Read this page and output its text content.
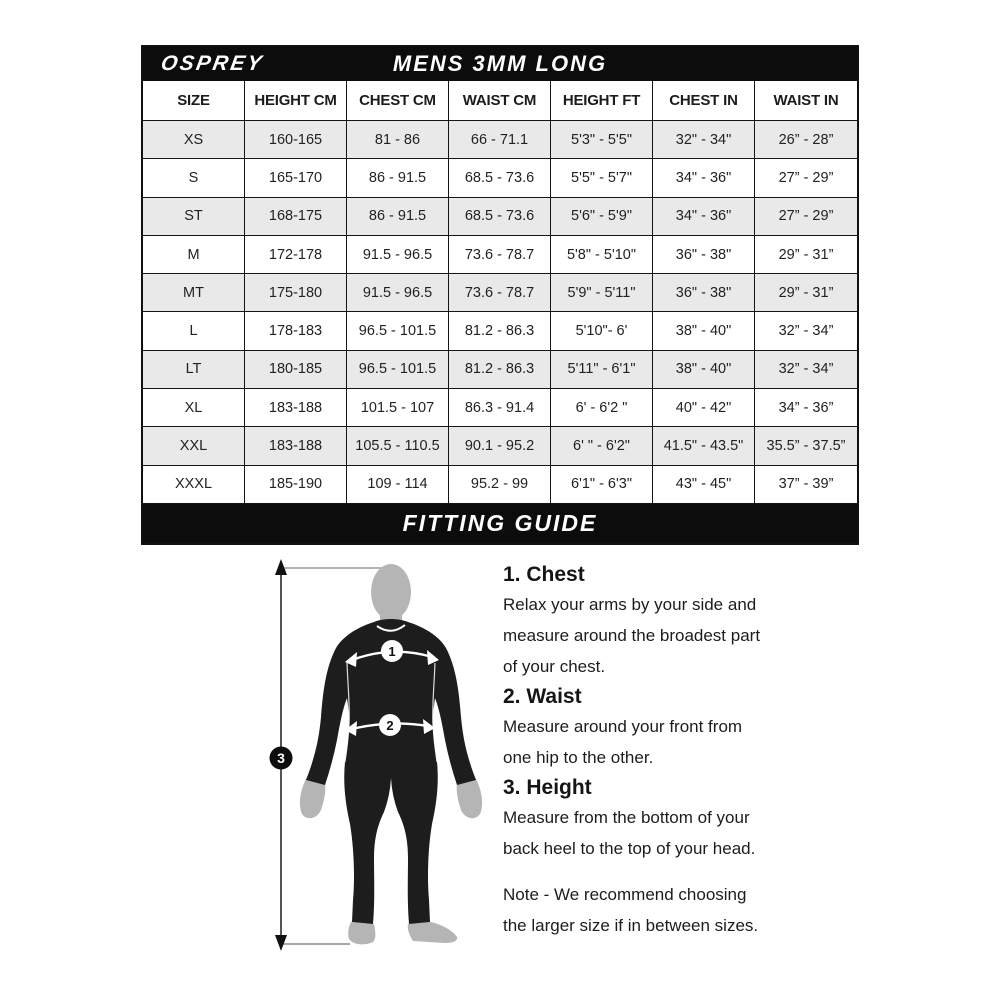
OSPREY	MENS 3MM LONG
SIZE	HEIGHT CM	CHEST CM	WAIST CM	HEIGHT FT	CHEST IN	WAIST IN
XS	160-165	81 - 86	66 - 71.1	5'3" - 5'5"	32" - 34"	26” - 28”
S	165-170	86 - 91.5	68.5 - 73.6	5'5" - 5'7"	34" - 36"	27” - 29”
ST	168-175	86 - 91.5	68.5 - 73.6	5'6" - 5'9"	34" - 36"	27” - 29”
M	172-178	91.5 - 96.5	73.6 - 78.7	5'8" - 5'10"	36" - 38"	29” - 31”
MT	175-180	91.5 - 96.5	73.6 - 78.7	5'9" - 5'11"	36" - 38"	29” - 31”
L	178-183	96.5 - 101.5	81.2 - 86.3	5'10"- 6'	38" - 40"	32” - 34”
LT	180-185	96.5 - 101.5	81.2 - 86.3	5'11" - 6'1"	38" - 40"	32” - 34”
XL	183-188	101.5 - 107	86.3 - 91.4	6' - 6'2 "	40" - 42"	34” - 36”
XXL	183-188	105.5 - 110.5	90.1 - 95.2	6' " - 6'2"	41.5" - 43.5"	35.5” - 37.5”
XXXL	185-190	109 - 114	95.2 - 99	6'1" - 6'3"	43" - 45"	37” - 39”
FITTING GUIDE
1
2
3
1. Chest
Relax your arms by your side and
measure around the broadest part
of your chest.
2. Waist
Measure around your front from
one hip to the other.
3. Height
Measure from the bottom of your
back heel to the top of your head.
Note - We recommend choosing
the larger size if in between sizes.
